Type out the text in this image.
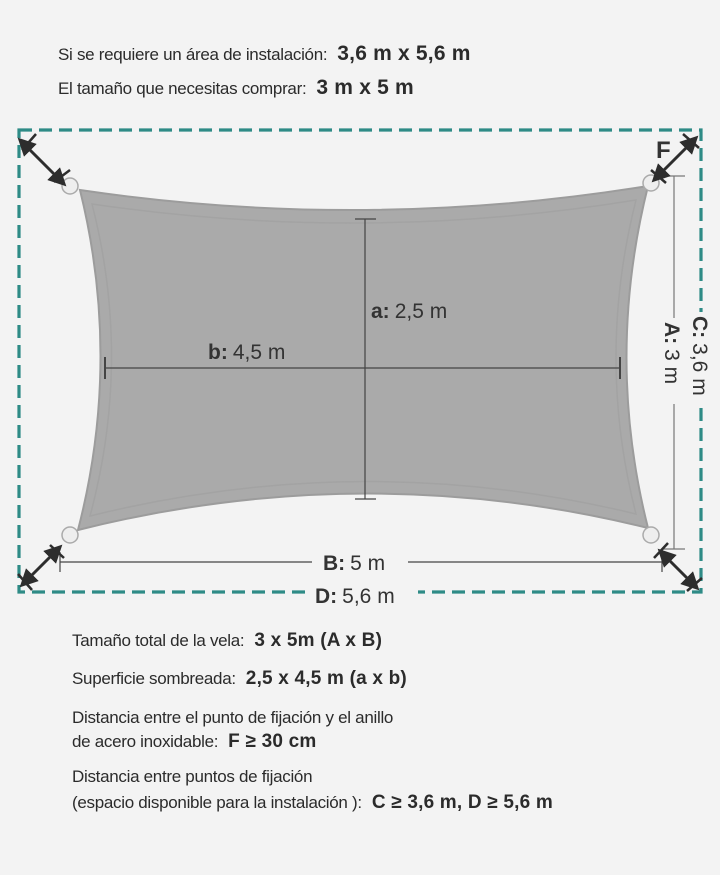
Si se requiere un área de instalación: 3,6 m x 5,6 m
El tamaño que necesitas comprar: 3 m x 5 m
a: 2,5 m
b: 4,5 m
B: 5 m
D: 5,6 m
A:3 m
C:3,6 m
F
Tamaño total de la vela: 3 x 5m (A x B)
Superficie sombreada: 2,5 x 4,5 m (a x b)
Distancia entre el punto de fijación y el anillo
de acero inoxidable: F ≥ 30 cm
Distancia entre puntos de fijación
(espacio disponible para la instalación ): C ≥ 3,6 m, D ≥ 5,6 m
